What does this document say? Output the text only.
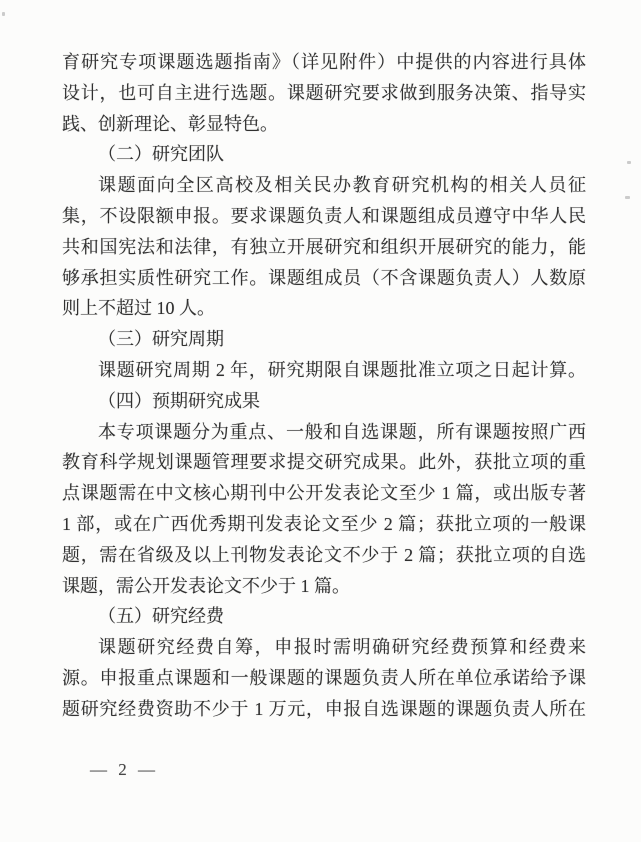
育研究专项课题选题指南》（详见附件）中提供的内容进行具体
设计，也可自主进行选题。课题研究要求做到服务决策、指导实
践、创新理论、彰显特色。
（二）研究团队
课题面向全区高校及相关民办教育研究机构的相关人员征
集，不设限额申报。要求课题负责人和课题组成员遵守中华人民
共和国宪法和法律，有独立开展研究和组织开展研究的能力，能
够承担实质性研究工作。课题组成员（不含课题负责人）人数原
则上不超过 10 人。
（三）研究周期
课题研究周期 2 年，研究期限自课题批准立项之日起计算。
（四）预期研究成果
本专项课题分为重点、一般和自选课题，所有课题按照广西
教育科学规划课题管理要求提交研究成果。此外，获批立项的重
点课题需在中文核心期刊中公开发表论文至少 1 篇，或出版专著
1 部，或在广西优秀期刊发表论文至少 2 篇；获批立项的一般课
题，需在省级及以上刊物发表论文不少于 2 篇；获批立项的自选
课题，需公开发表论文不少于 1 篇。
（五）研究经费
课题研究经费自筹，申报时需明确研究经费预算和经费来
源。申报重点课题和一般课题的课题负责人所在单位承诺给予课
题研究经费资助不少于 1 万元，申报自选课题的课题负责人所在
— 2 —
